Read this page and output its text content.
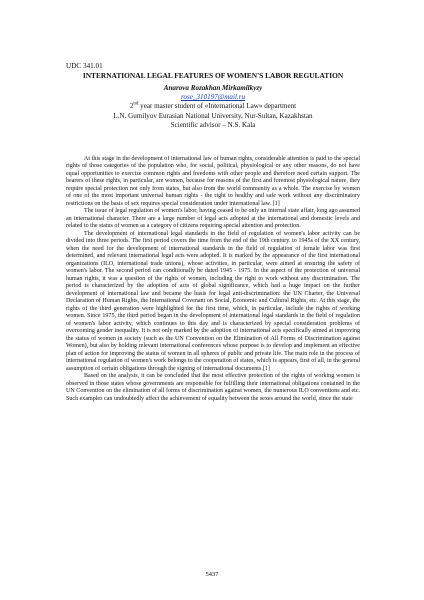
UDC 341.01
INTERNATIONAL LEGAL FEATURES OF WOMEN'S LABOR REGULATION
Anarova Rozakhan Mirkamilkyzy
rose_310197@mail.ru
2nd year master student of «International Law» department
L.N. Gumilyov Eurasian National University, Nur-Sultan, Kazakhstan
Scientific advisor – N.S. Kala

At this stage in the development of international law of human rights, considerable attention is paid to the special rights of those categories of the population who, for social, political, physiological or any other reasons, do not have equal opportunities to exercise common rights and freedoms with other people and therefore need certain support. The bearers of these rights, in particular, are women, because for reasons of the first and foremost physiological nature, they require special protection not only from states, but also from the world community as a whole. The exercise by women of one of the most important universal human rights - the right to healthy and safe work without any discriminatory restrictions on the basis of sex requires special consideration under international law. [1]

The issue of legal regulation of women's labor, having ceased to be only an internal state affair, long ago assumed an international character. There are a large number of legal acts adopted at the international and domestic levels and related to the status of women as a category of citizens requiring special attention and protection.

The development of international legal standards in the field of regulation of women's labor activity can be divided into three periods. The first period covers the time from the end of the 19th century. to 1945s of the XX century, when the need for the development of international standards in the field of regulation of female labor was first determined, and relevant international legal acts were adopted. It is marked by the appearance of the first international organizations (ILO, international trade unions), whose activities, in particular, were aimed at ensuring the safety of women's labor. The second period can conditionally be dated 1945 - 1975. In the aspect of the protection of universal human rights, it was a question of the rights of women, including the right to work without any discrimination. The period is characterized by the adoption of acts of global significance, which had a huge impact on the further development of international law and became the basis for legal anti-discrimination: the UN Charter, the Universal Declaration of Human Rights, the International Covenant on Social, Economic and Cultural Rights, etc. At this stage, the rights of the third generation were highlighted for the first time, which, in particular, include the rights of working women. Since 1975, the third period began in the development of international legal standards in the field of regulation of women's labor activity, which continues to this day and is characterized by special consideration problems of overcoming gender inequality. It is not only marked by the adoption of international acts specifically aimed at improving the status of women in society (such as the UN Convention on the Elimination of All Forms of Discrimination against Women), but also by holding relevant international conferences whose purpose is to develop and implement an effective plan of action for improving the status of women in all spheres of public and private life. The main role in the process of international regulation of women's work belongs to the cooperation of states, which is appears, first of all, in the general assumption of certain obligations through the signing of international documents.[1]

Based on the analysis, it can be concluded that the most effective protection of the rights of working women is observed in those states whose governments are responsible for fulfilling their international obligations contained in the UN Convention on the elimination of all forms of discrimination against women, the numerous ILO conventions and etc. Such examples can undoubtedly affect the achievement of equality between the sexes around the world, since the state

5437
